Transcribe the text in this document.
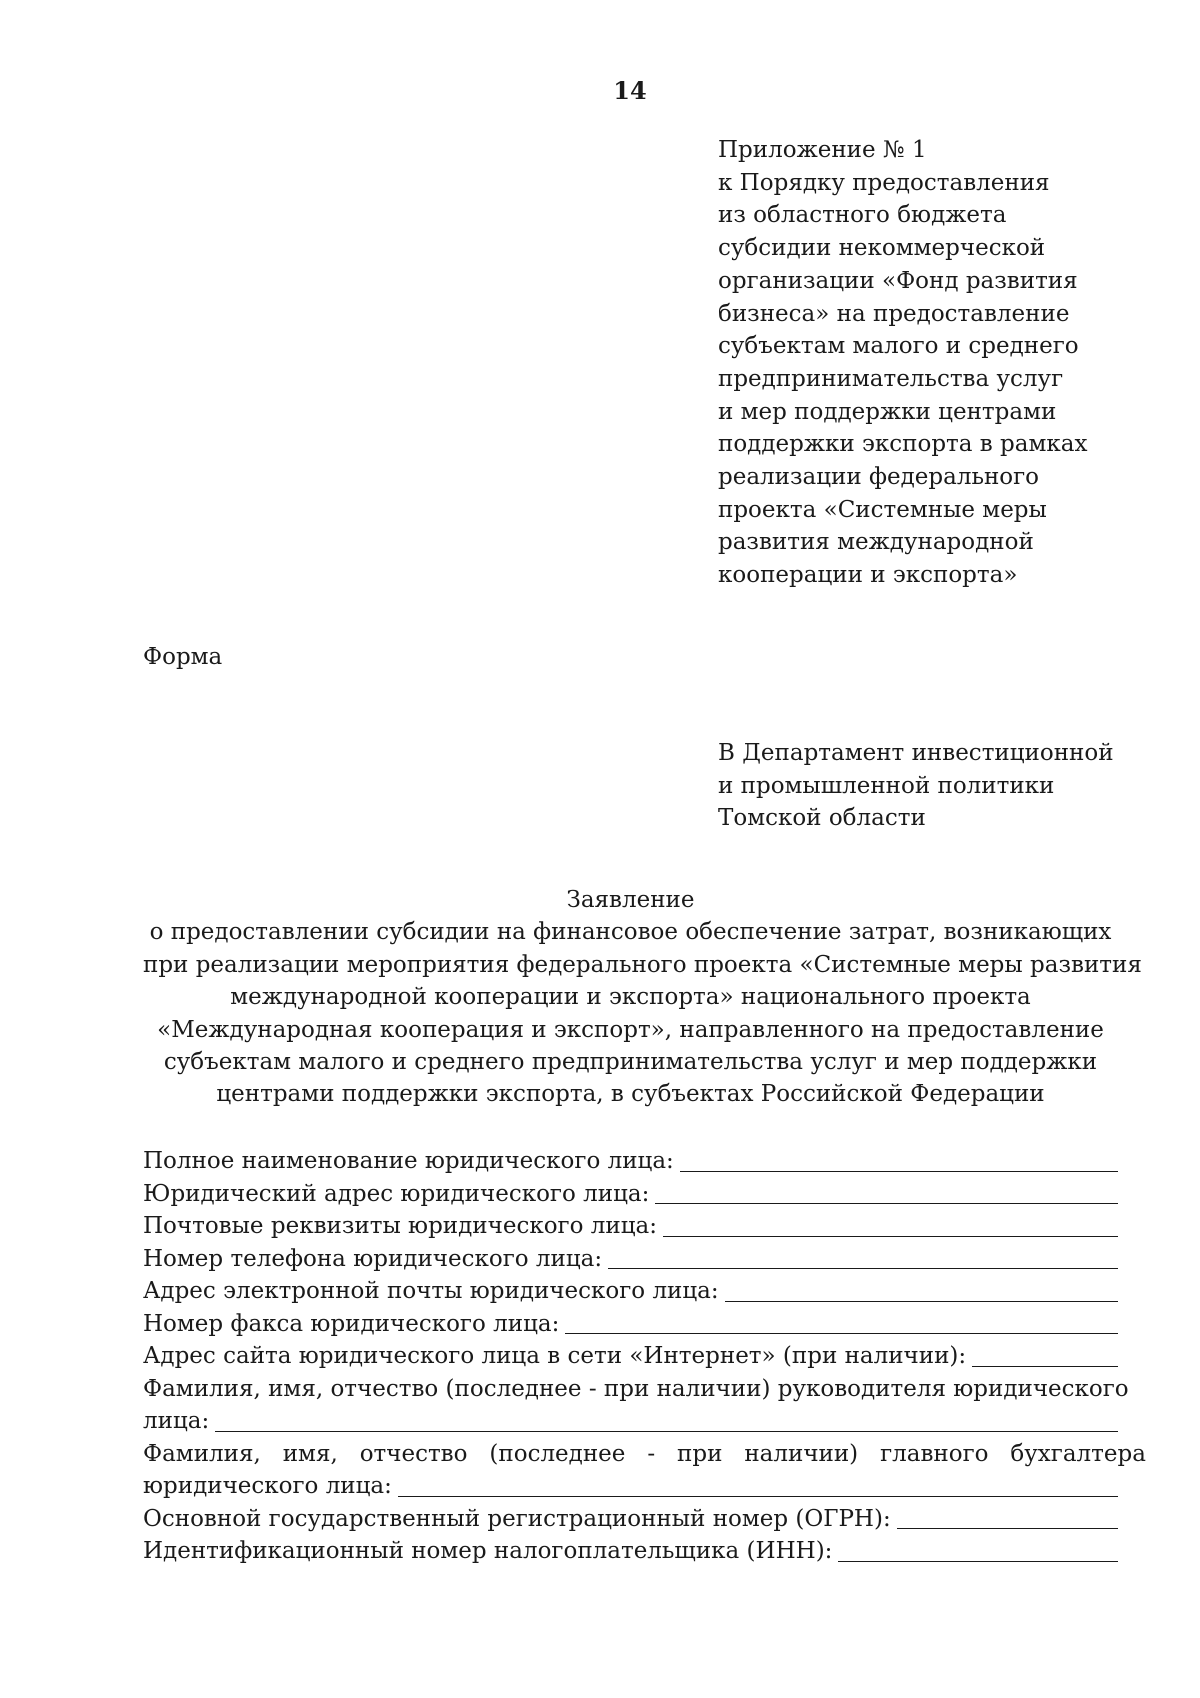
14
Приложение № 1
к Порядку предоставления
из областного бюджета
субсидии некоммерческой
организации «Фонд развития
бизнеса» на предоставление
субъектам малого и среднего
предпринимательства услуг
и мер поддержки центрами
поддержки экспорта в рамках
реализации федерального
проекта «Системные меры
развития международной
кооперации и экспорта»
Форма
В Департамент инвестиционной
и промышленной политики
Томской области
Заявление
о предоставлении субсидии на финансовое обеспечение затрат, возникающих
при реализации мероприятия федерального проекта «Системные меры развития
международной кооперации и экспорта» национального проекта
«Международная кооперация и экспорт», направленного на предоставление
субъектам малого и среднего предпринимательства услуг и мер поддержки
центрами поддержки экспорта, в субъектах Российской Федерации
Полное наименование юридического лица:
Юридический адрес юридического лица:
Почтовые реквизиты юридического лица:
Номер телефона юридического лица:
Адрес электронной почты юридического лица:
Номер факса юридического лица:
Адрес сайта юридического лица в сети «Интернет» (при наличии):
Фамилия, имя, отчество (последнее - при наличии) руководителя юридического
лица:
Фамилия,   имя,   отчество   (последнее   -   при   наличии)   главного   бухгалтера
юридического лица:
Основной государственный регистрационный номер (ОГРН):
Идентификационный номер налогоплательщика (ИНН):
